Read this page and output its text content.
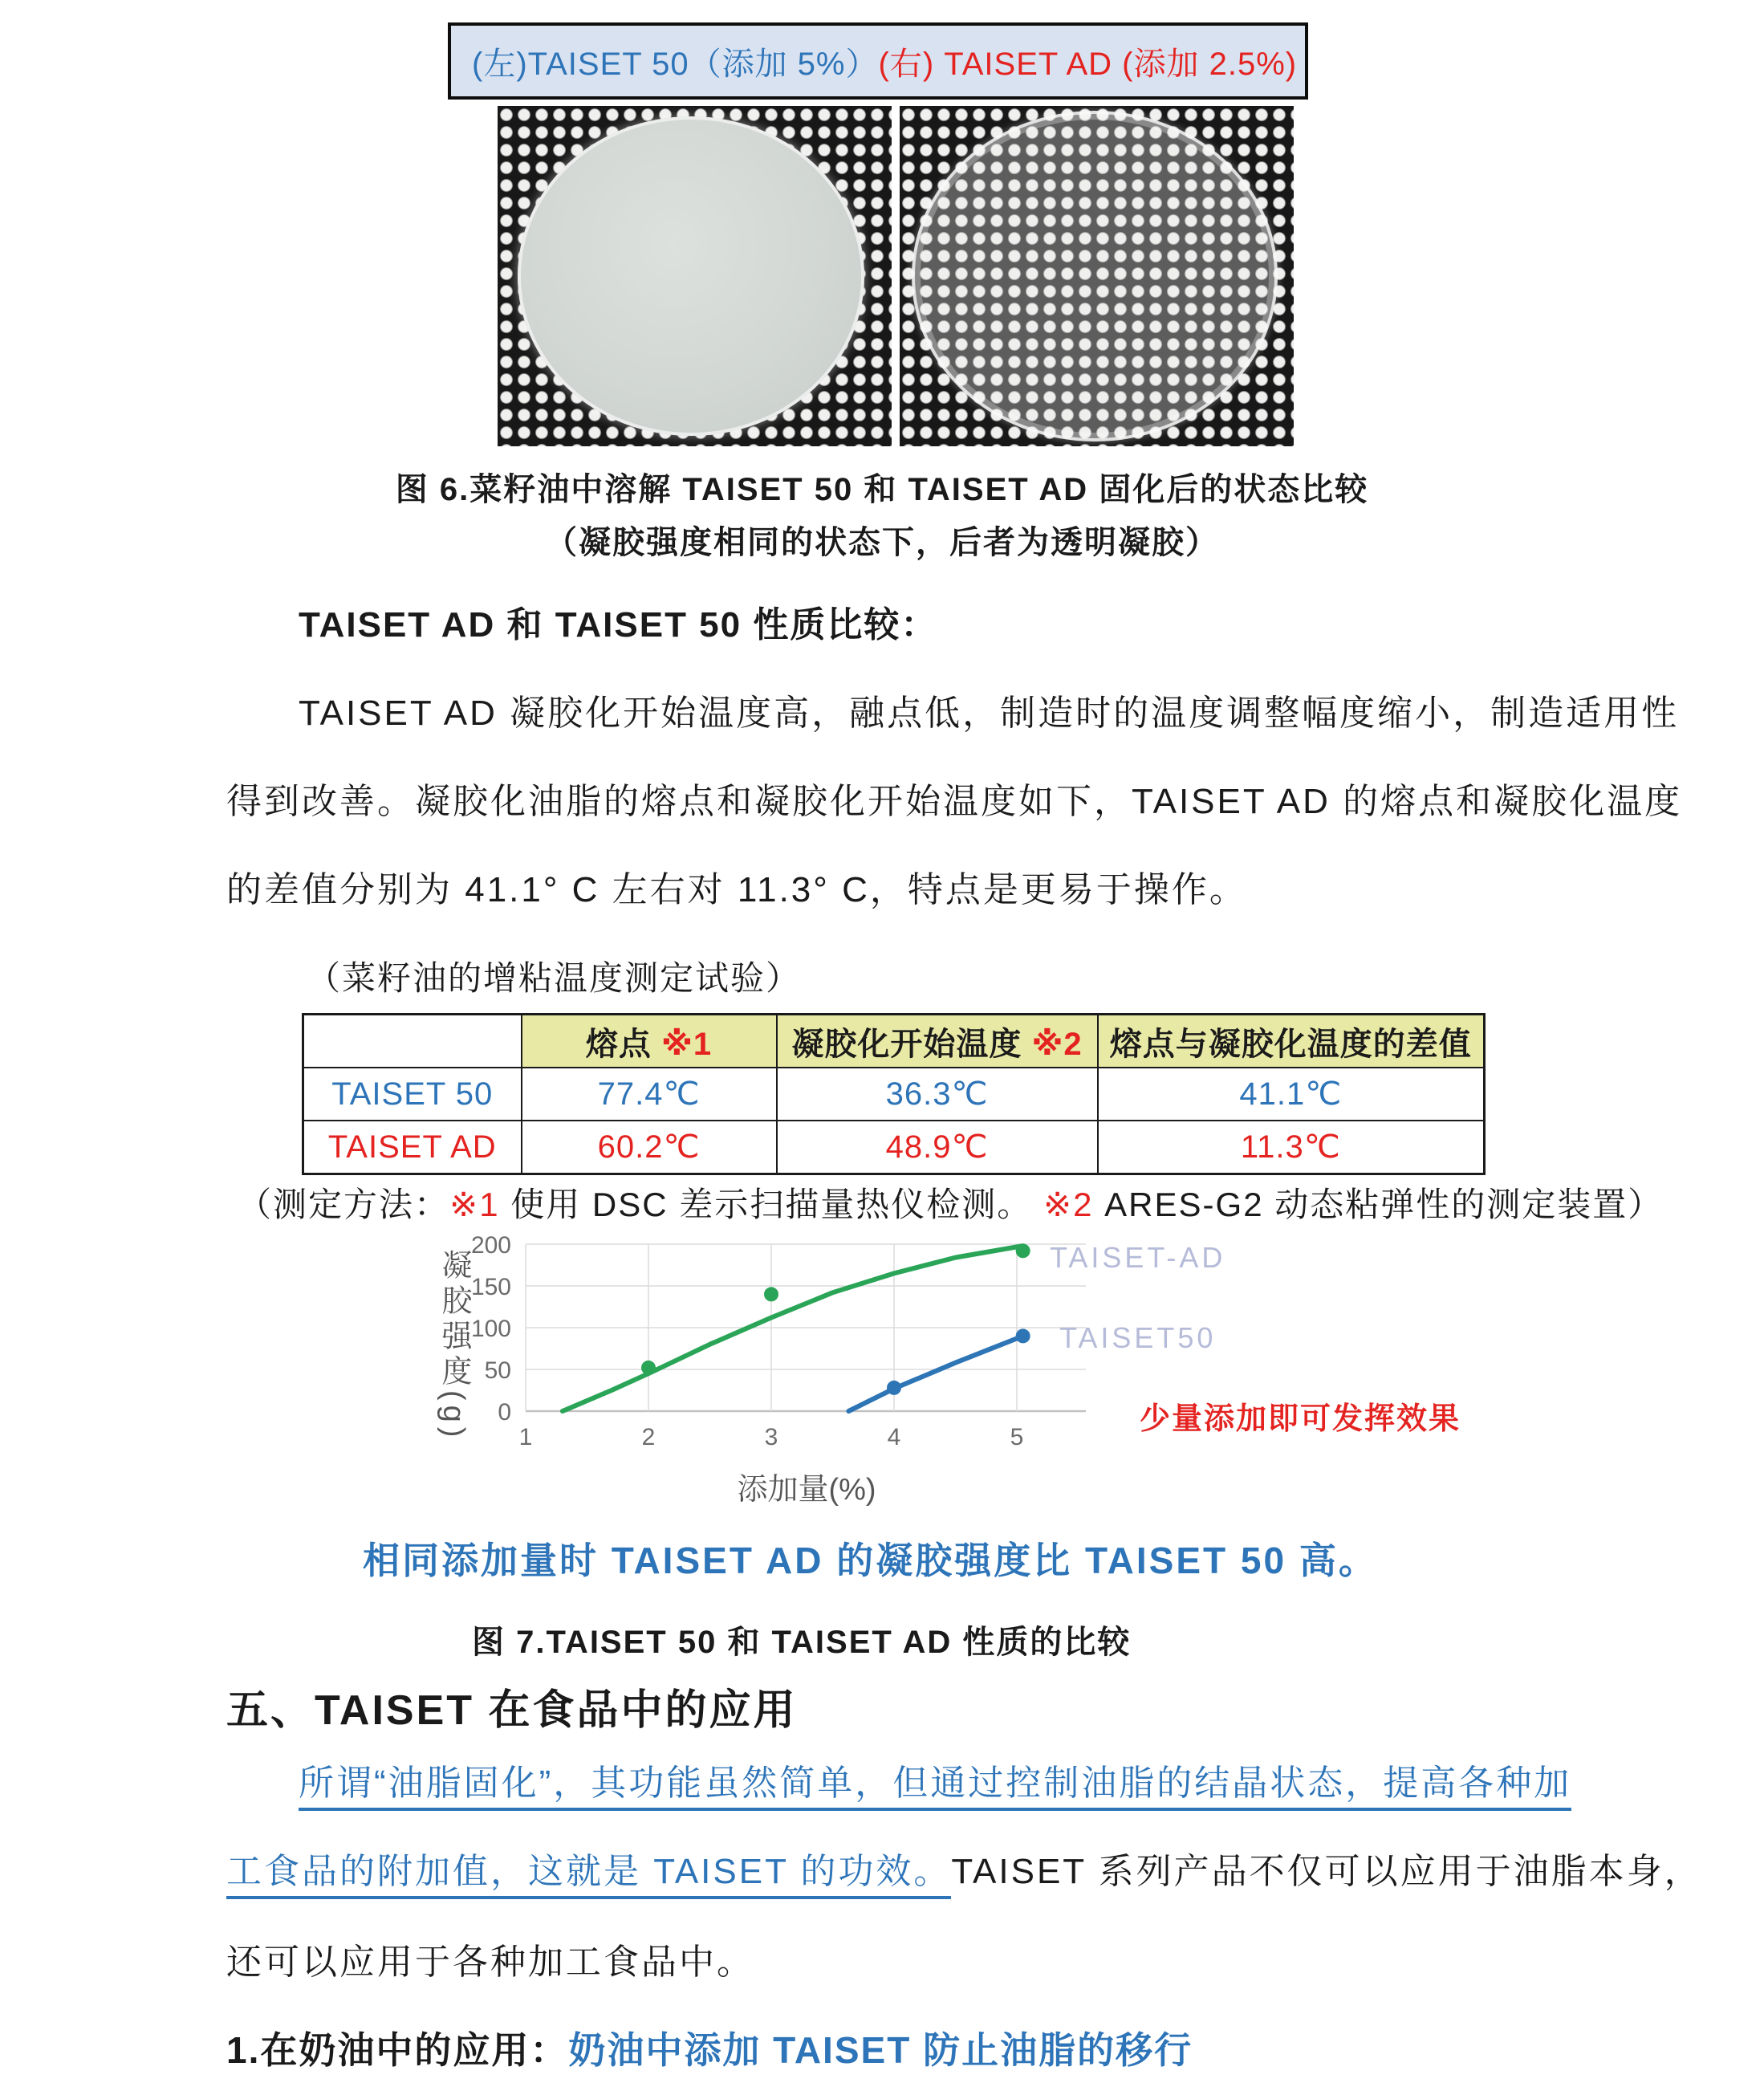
(左)TAISET 50（添加 5%） (右) TAISET AD (添加 2.5%)
图 6.菜籽油中溶解 TAISET 50 和 TAISET AD 固化后的状态比较
（凝胶强度相同的状态下，后者为透明凝胶）
TAISET AD 和 TAISET 50 性质比较：
TAISET AD 凝胶化开始温度高，融点低，制造时的温度调整幅度缩小，制造适用性
得到改善。凝胶化油脂的熔点和凝胶化开始温度如下，TAISET AD 的熔点和凝胶化温度
的差值分别为 41.1° C 左右对 11.3° C，特点是更易于操作。
（菜籽油的增粘温度测定试验）
	熔点 ※1	凝胶化开始温度 ※2	熔点与凝胶化温度的差值
TAISET 50	77.4℃	36.3℃	41.1℃
TAISET AD	60.2℃	48.9℃	11.3℃
（测定方法：※1 使用 DSC 差示扫描量热仪检测。 ※2 ARES-G2 动态粘弹性的测定装置）
0
50
100
150
200
1	2	3	4	5
凝胶强度(g)
添加量(%)
TAISET-AD
TAISET50
少量添加即可发挥效果
相同添加量时 TAISET AD 的凝胶强度比 TAISET 50 高。
图 7.TAISET 50 和 TAISET AD 性质的比较
五、TAISET 在食品中的应用
所谓“油脂固化”，其功能虽然简单，但通过控制油脂的结晶状态，提高各种加
工食品的附加值，这就是 TAISET 的功效。TAISET 系列产品不仅可以应用于油脂本身，
还可以应用于各种加工食品中。
1.在奶油中的应用：奶油中添加 TAISET 防止油脂的移行
